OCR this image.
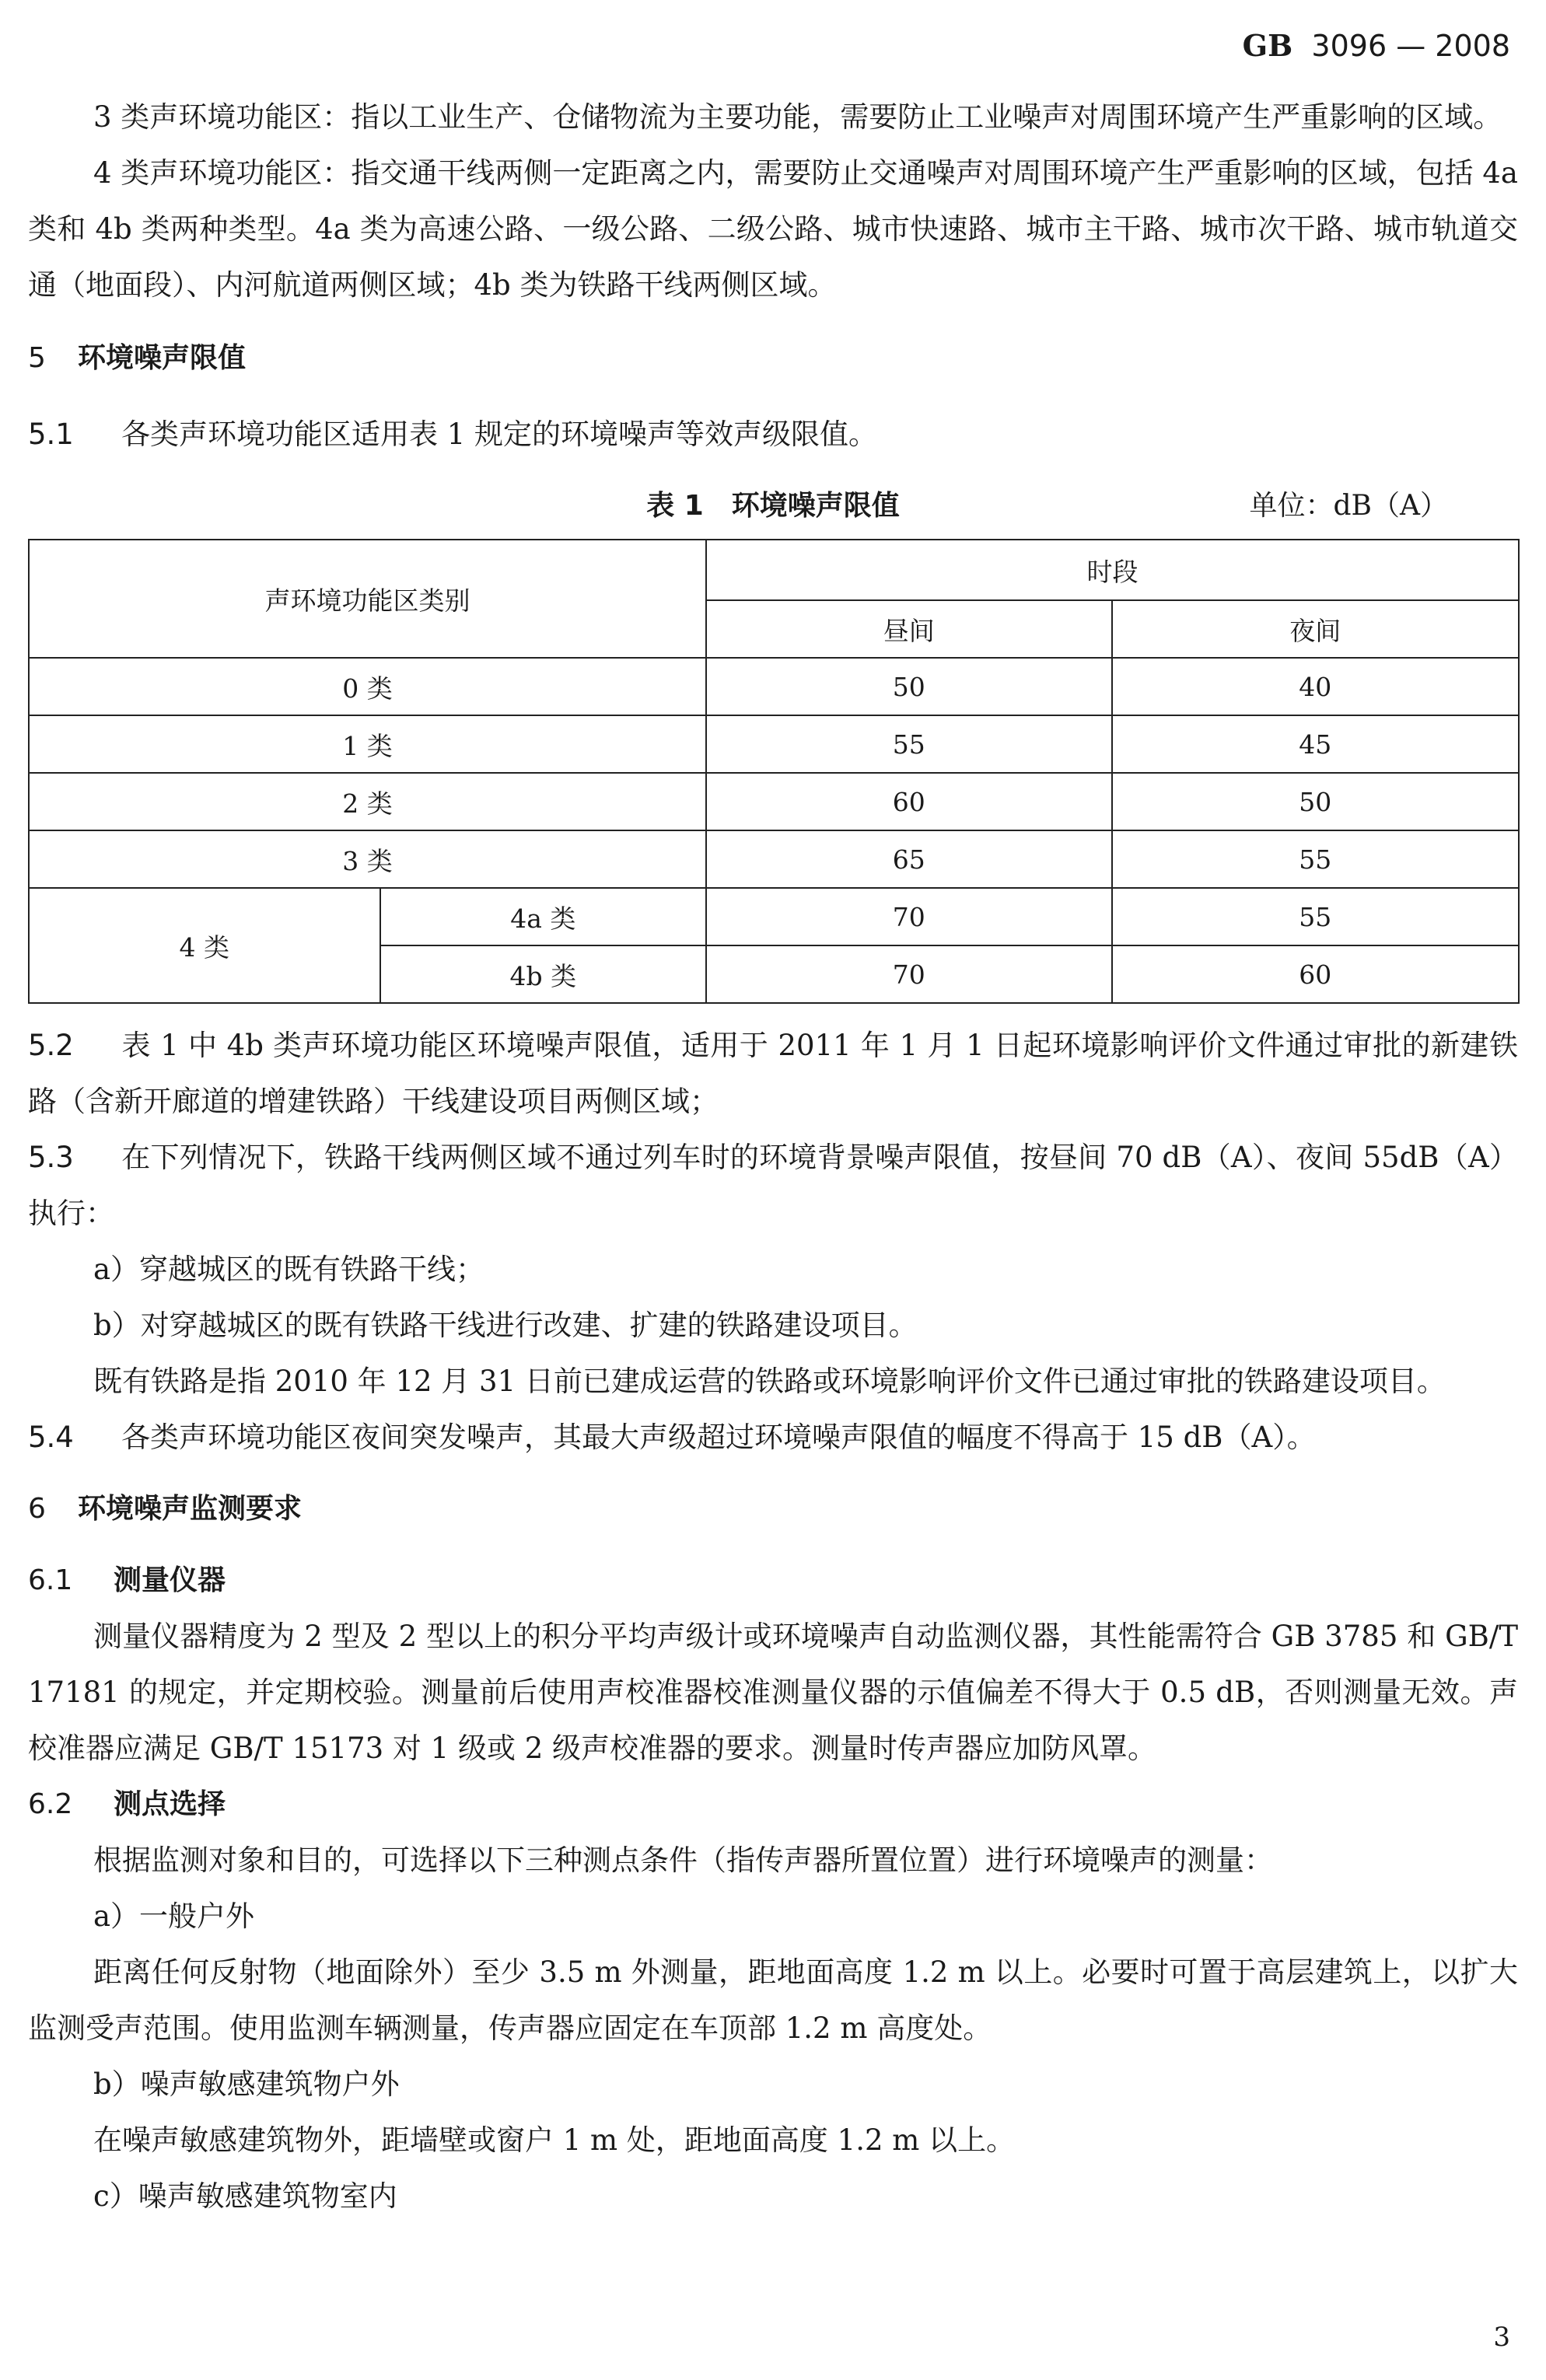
GB 3096 — 2008

3 类声环境功能区：指以工业生产、仓储物流为主要功能，需要防止工业噪声对周围环境产生严重影响的区域。

4 类声环境功能区：指交通干线两侧一定距离之内，需要防止交通噪声对周围环境产生严重影响的区域，包括 4a 类和 4b 类两种类型。4a 类为高速公路、一级公路、二级公路、城市快速路、城市主干路、城市次干路、城市轨道交通（地面段）、内河航道两侧区域；4b 类为铁路干线两侧区域。

5 环境噪声限值

5.1 各类声环境功能区适用表 1 规定的环境噪声等效声级限值。

表 1　环境噪声限值	单位：dB（A）
声环境功能区类别		时段	
		昼间	夜间
0 类		50	40
1 类		55	45
2 类		60	50
3 类		65	55
4 类	4a 类	70	55
	4b 类	70	60

5.2 表 1 中 4b 类声环境功能区环境噪声限值，适用于 2011 年 1 月 1 日起环境影响评价文件通过审批的新建铁路（含新开廊道的增建铁路）干线建设项目两侧区域；

5.3 在下列情况下，铁路干线两侧区域不通过列车时的环境背景噪声限值，按昼间 70 dB（A）、夜间 55dB（A）执行：

a）穿越城区的既有铁路干线；

b）对穿越城区的既有铁路干线进行改建、扩建的铁路建设项目。

既有铁路是指 2010 年 12 月 31 日前已建成运营的铁路或环境影响评价文件已通过审批的铁路建设项目。

5.4 各类声环境功能区夜间突发噪声，其最大声级超过环境噪声限值的幅度不得高于 15 dB（A）。

6 环境噪声监测要求

6.1 测量仪器

测量仪器精度为 2 型及 2 型以上的积分平均声级计或环境噪声自动监测仪器，其性能需符合 GB 3785 和 GB/T 17181 的规定，并定期校验。测量前后使用声校准器校准测量仪器的示值偏差不得大于 0.5 dB，否则测量无效。声校准器应满足 GB/T 15173 对 1 级或 2 级声校准器的要求。测量时传声器应加防风罩。

6.2 测点选择

根据监测对象和目的，可选择以下三种测点条件（指传声器所置位置）进行环境噪声的测量：

a）一般户外

距离任何反射物（地面除外）至少 3.5 m 外测量，距地面高度 1.2 m 以上。必要时可置于高层建筑上，以扩大监测受声范围。使用监测车辆测量，传声器应固定在车顶部 1.2 m 高度处。

b）噪声敏感建筑物户外

在噪声敏感建筑物外，距墙壁或窗户 1 m 处，距地面高度 1.2 m 以上。

c）噪声敏感建筑物室内

3
